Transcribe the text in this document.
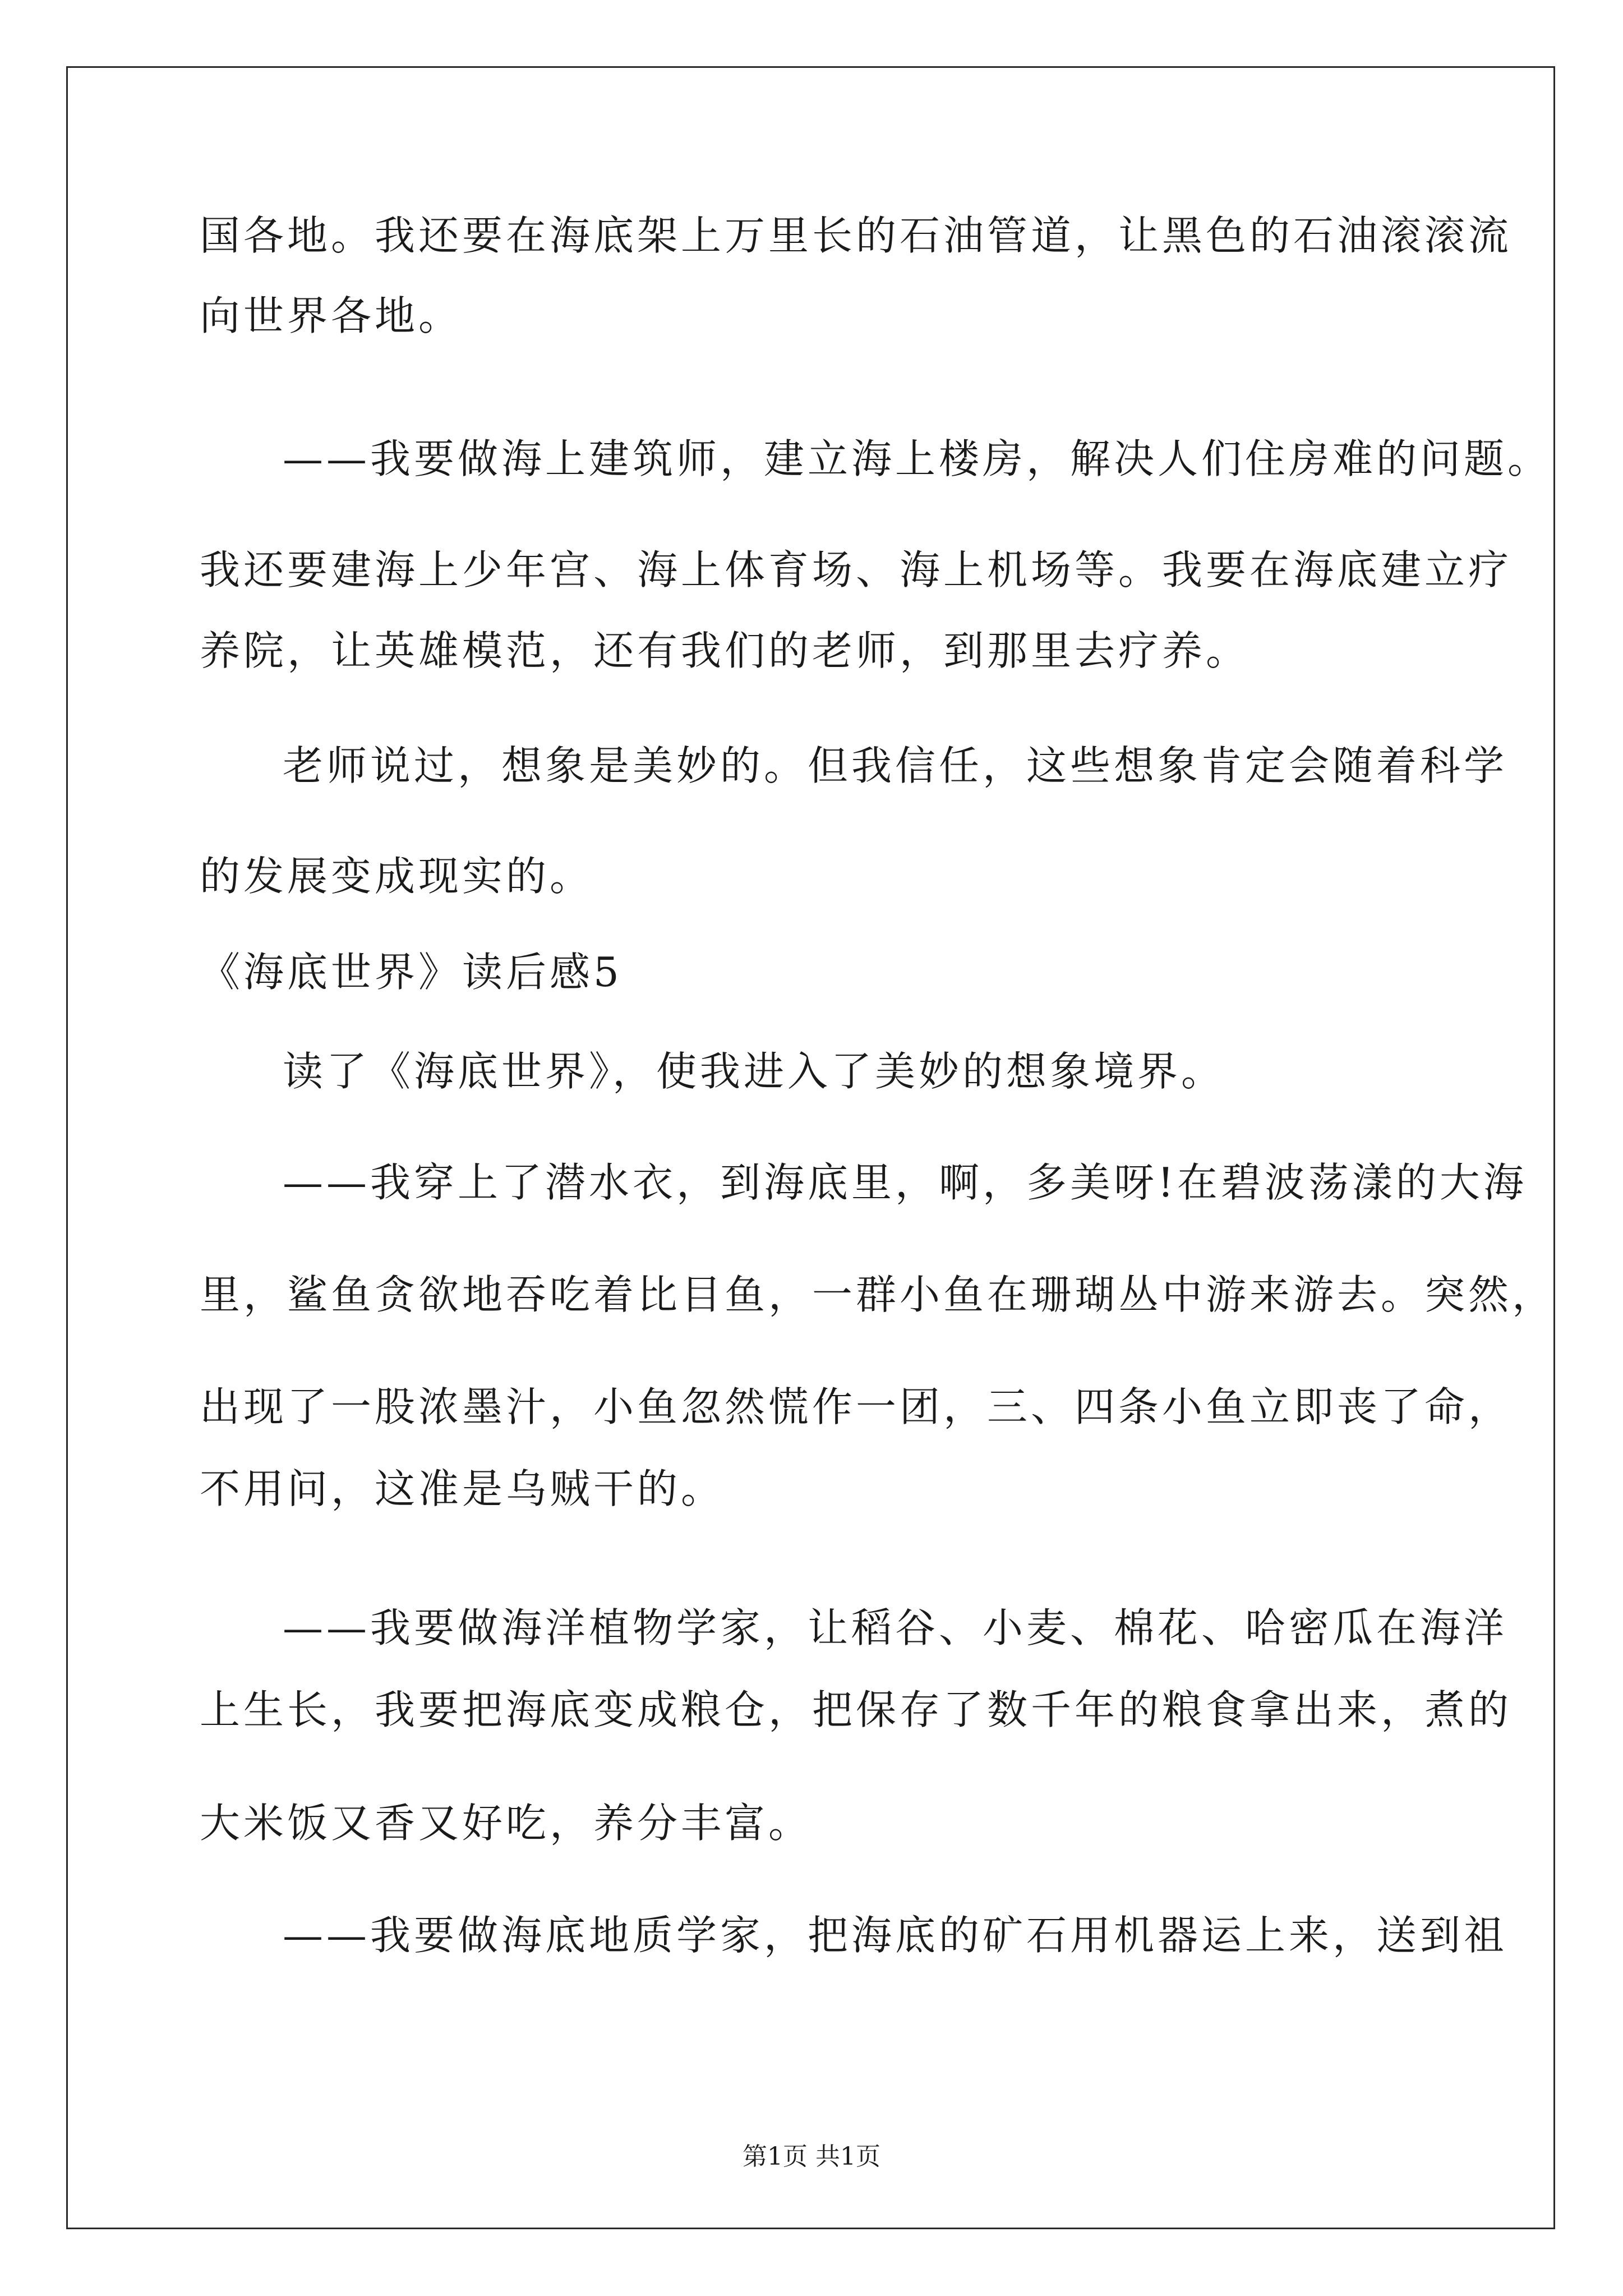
国各地。我还要在海底架上万里长的石油管道，让黑色的石油滚滚流
向世界各地。
——我要做海上建筑师，建立海上楼房，解决人们住房难的问题。
我还要建海上少年宫、海上体育场、海上机场等。我要在海底建立疗
养院，让英雄模范，还有我们的老师，到那里去疗养。
老师说过，想象是美妙的。但我信任，这些想象肯定会随着科学
的发展变成现实的。
《海底世界》读后感5
读了《海底世界》，使我进入了美妙的想象境界。
——我穿上了潜水衣，到海底里，啊，多美呀!在碧波荡漾的大海
里，鲨鱼贪欲地吞吃着比目鱼，一群小鱼在珊瑚丛中游来游去。突然，
出现了一股浓墨汁，小鱼忽然慌作一团，三、四条小鱼立即丧了命，
不用问，这准是乌贼干的。
——我要做海洋植物学家，让稻谷、小麦、棉花、哈密瓜在海洋
上生长，我要把海底变成粮仓，把保存了数千年的粮食拿出来，煮的
大米饭又香又好吃，养分丰富。
——我要做海底地质学家，把海底的矿石用机器运上来，送到祖
第1页 共1页
